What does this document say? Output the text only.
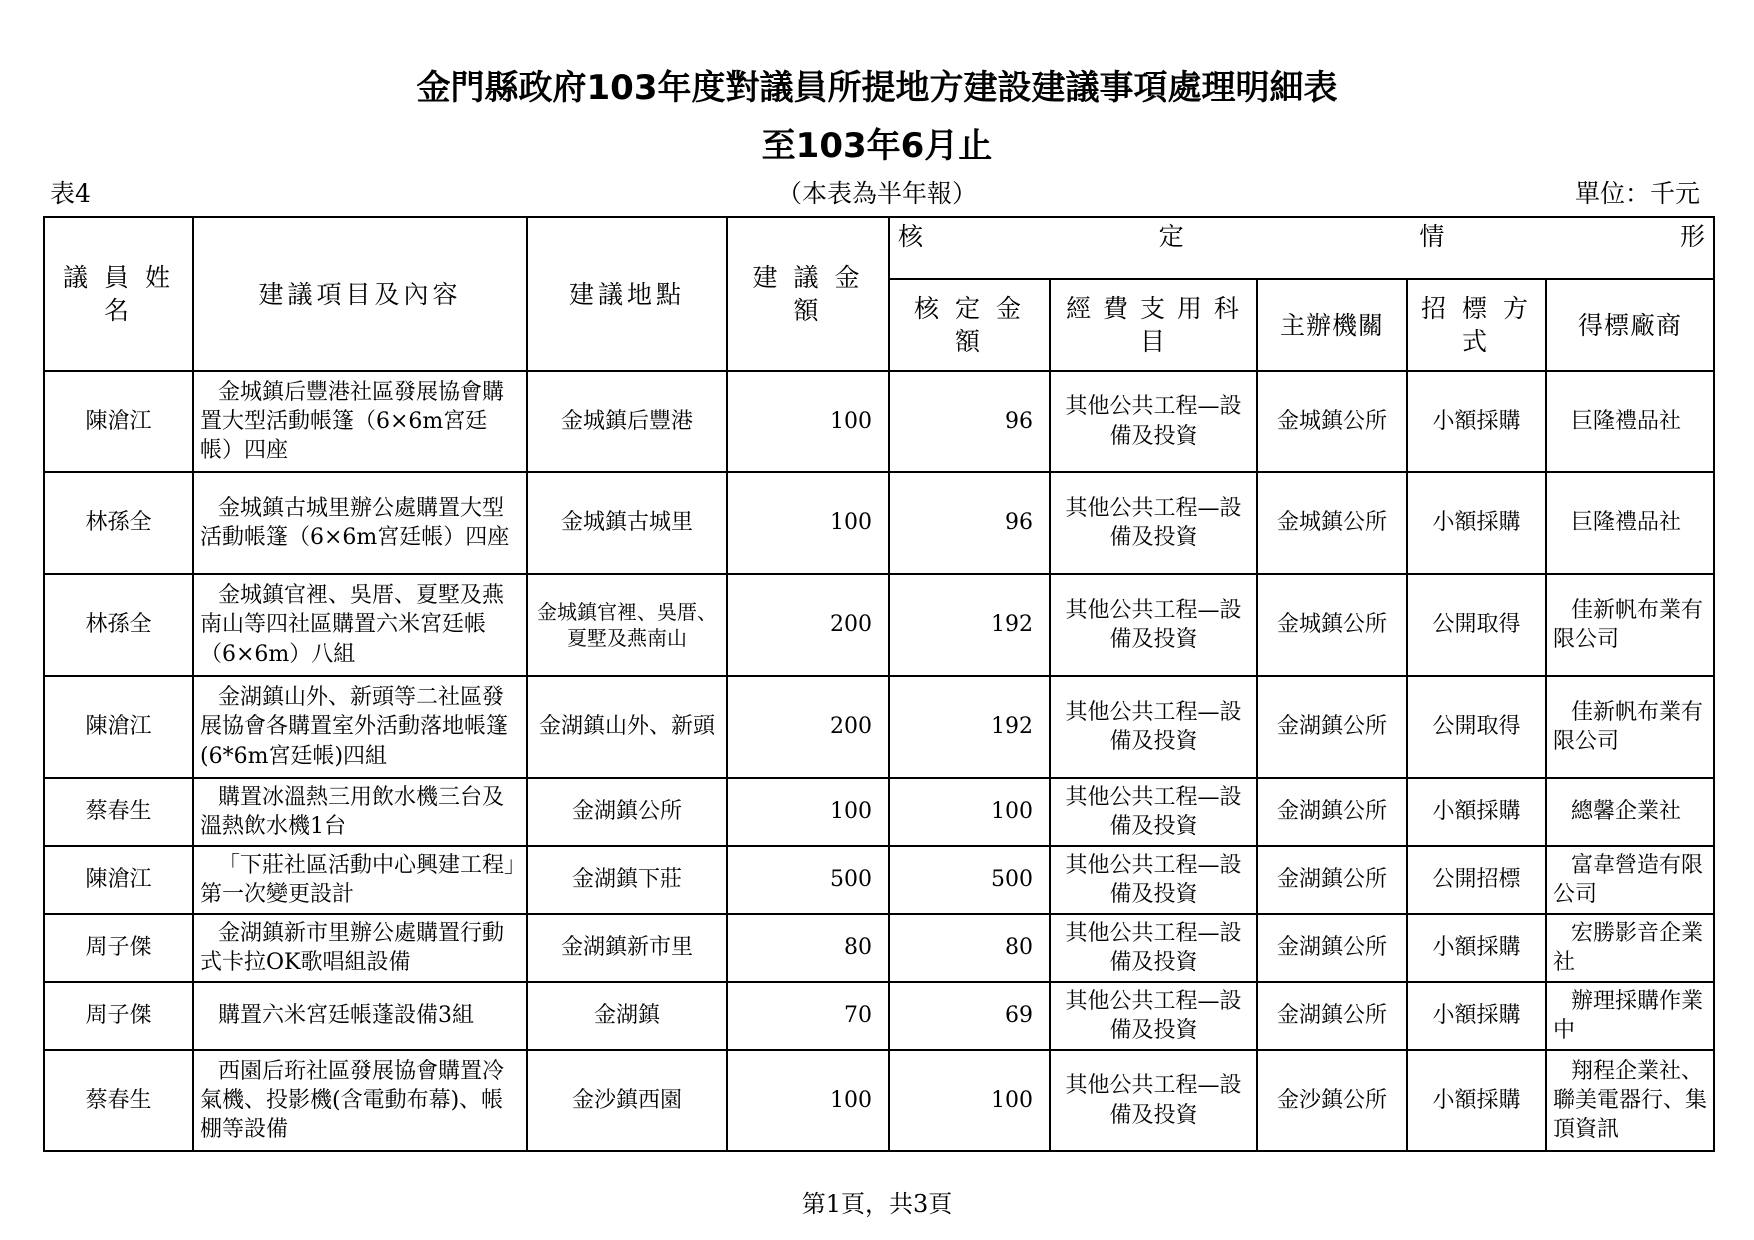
金門縣政府103年度對議員所提地方建設建議事項處理明細表
至103年6月止
表4	（本表為半年報）	單位：千元
議 員 姓 名	建議項目及內容	建議地點	建 議 金 額	核 定 情 形				

				核 定 金 額	經 費 支 用 科 目	主辦機關	招 標 方 式	得標廠商
陳滄江	金城鎮后豐港社區發展協會購置大型活動帳篷（6×6m宮廷帳）四座	金城鎮后豐港	100	96	其他公共工程—設備及投資	金城鎮公所	小額採購	巨隆禮品社
林孫全	金城鎮古城里辦公處購置大型活動帳篷（6×6m宮廷帳）四座	金城鎮古城里	100	96	其他公共工程—設備及投資	金城鎮公所	小額採購	巨隆禮品社
林孫全	金城鎮官裡、吳厝、夏墅及燕南山等四社區購置六米宮廷帳（6×6m）八組	金城鎮官裡、吳厝、夏墅及燕南山	200	192	其他公共工程—設備及投資	金城鎮公所	公開取得	佳新帆布業有限公司
陳滄江	金湖鎮山外、新頭等二社區發展協會各購置室外活動落地帳篷(6*6m宮廷帳)四組	金湖鎮山外、新頭	200	192	其他公共工程—設備及投資	金湖鎮公所	公開取得	佳新帆布業有限公司
蔡春生	購置冰溫熱三用飲水機三台及溫熱飲水機1台	金湖鎮公所	100	100	其他公共工程—設備及投資	金湖鎮公所	小額採購	總馨企業社
陳滄江	「下莊社區活動中心興建工程」第一次變更設計	金湖鎮下莊	500	500	其他公共工程—設備及投資	金湖鎮公所	公開招標	富韋營造有限公司
周子傑	金湖鎮新市里辦公處購置行動式卡拉OK歌唱組設備	金湖鎮新市里	80	80	其他公共工程—設備及投資	金湖鎮公所	小額採購	宏勝影音企業社
周子傑	購置六米宮廷帳蓬設備3組	金湖鎮	70	69	其他公共工程—設備及投資	金湖鎮公所	小額採購	辦理採購作業中
蔡春生	西園后珩社區發展協會購置冷氣機、投影機(含電動布幕)、帳棚等設備	金沙鎮西園	100	100	其他公共工程—設備及投資	金沙鎮公所	小額採購	翔程企業社、聯美電器行、集頂資訊
第1頁，共3頁
